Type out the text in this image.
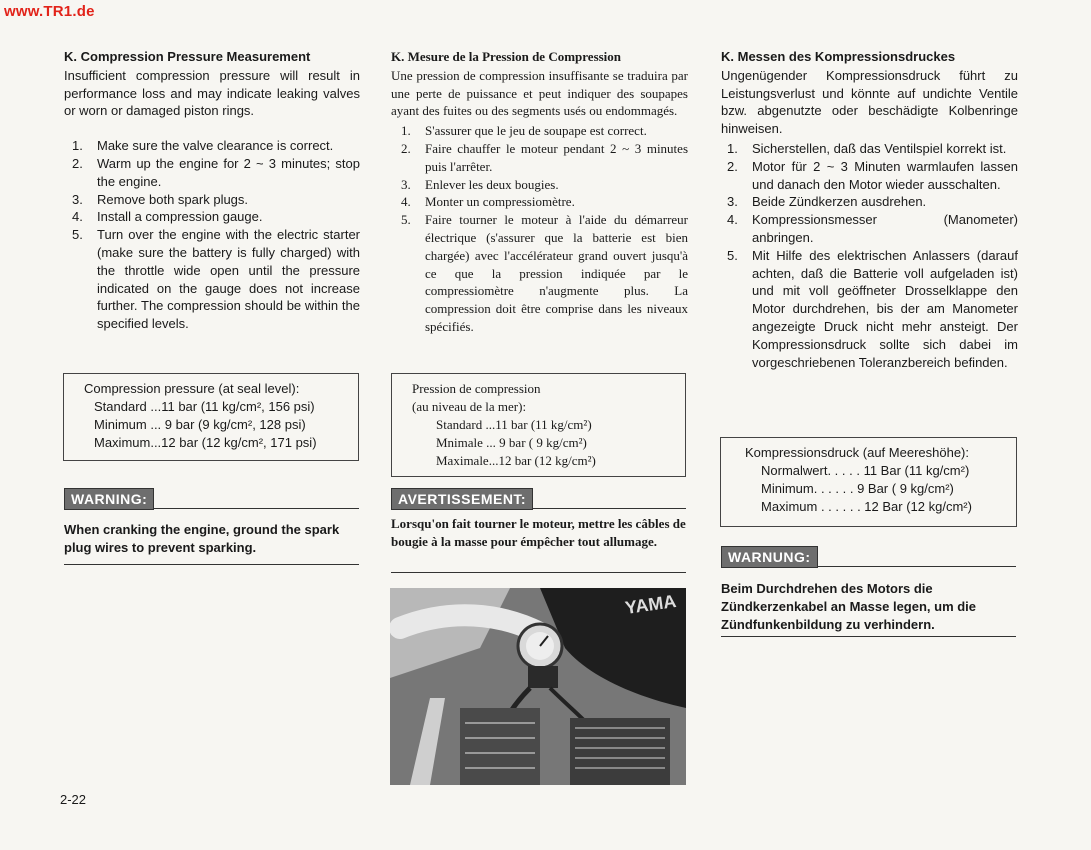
www.TR1.de

K. Compression Pressure Measurement

Insufficient compression pressure will result in performance loss and may indicate leaking valves or worn or damaged piston rings.

1. Make sure the valve clearance is correct.
2. Warm up the engine for 2 ~ 3 minutes; stop the engine.
3. Remove both spark plugs.
4. Install a compression gauge.
5. Turn over the engine with the electric starter (make sure the battery is fully charged) with the throttle wide open until the pressure indicated on the gauge does not increase further. The compression should be within the specified levels.
Compression pressure (at seal level):
Standard ...11 bar (11 kg/cm², 156 psi)
Minimum ... 9 bar (9 kg/cm², 128 psi)
Maximum...12 bar (12 kg/cm², 171 psi)
WARNING:
When cranking the engine, ground the spark plug wires to prevent sparking.

K. Mesure de la Pression de Compression

Une pression de compression insuffisante se traduira par une perte de puissance et peut indiquer des soupapes ayant des fuites ou des segments usés ou endommagés.

1. S'assurer que le jeu de soupape est correct.
2. Faire chauffer le moteur pendant 2 ~ 3 minutes puis l'arrêter.
3. Enlever les deux bougies.
4. Monter un compressiomètre.
5. Faire tourner le moteur à l'aide du démarreur électrique (s'assurer que la batterie est bien chargée) avec l'accélérateur grand ouvert jusqu'à ce que la pression indiquée par le compressiomètre n'augmente plus. La compression doit être comprise dans les niveaux spécifiés.
Pression de compression
(au niveau de la mer):
Standard ...11 bar (11 kg/cm²)
Mnimale ... 9 bar ( 9 kg/cm²)
Maximale...12 bar (12 kg/cm²)
AVERTISSEMENT:
Lorsqu'on fait tourner le moteur, mettre les câbles de bougie à la masse pour émpêcher tout allumage.
YAMA

K. Messen des Kompressionsdruckes

Ungenügender Kompressionsdruck führt zu Leistungsverlust und könnte auf undichte Ventile bzw. abgenutzte oder beschädigte Kolbenringe hinweisen.

1. Sicherstellen, daß das Ventilspiel korrekt ist.
2. Motor für 2 ~ 3 Minuten warmlaufen lassen und danach den Motor wieder ausschalten.
3. Beide Zündkerzen ausdrehen.
4. Kompressionsmesser (Manometer) anbringen.
5. Mit Hilfe des elektrischen Anlassers (darauf achten, daß die Batterie voll aufgeladen ist) und mit voll geöffneter Drosselklappe den Motor durchdrehen, bis der am Manometer angezeigte Druck nicht mehr ansteigt. Der Kompressionsdruck sollte sich dabei im vorgeschriebenen Toleranzbereich befinden.
Kompressionsdruck (auf Meereshöhe):
Normalwert. . . . . 11 Bar (11 kg/cm²)
Minimum. . . . . . 9 Bar ( 9 kg/cm²)
Maximum . . . . . . 12 Bar (12 kg/cm²)
WARNUNG:
Beim Durchdrehen des Motors die Zündkerzenkabel an Masse legen, um die Zündfunkenbildung zu verhindern.
2-22
